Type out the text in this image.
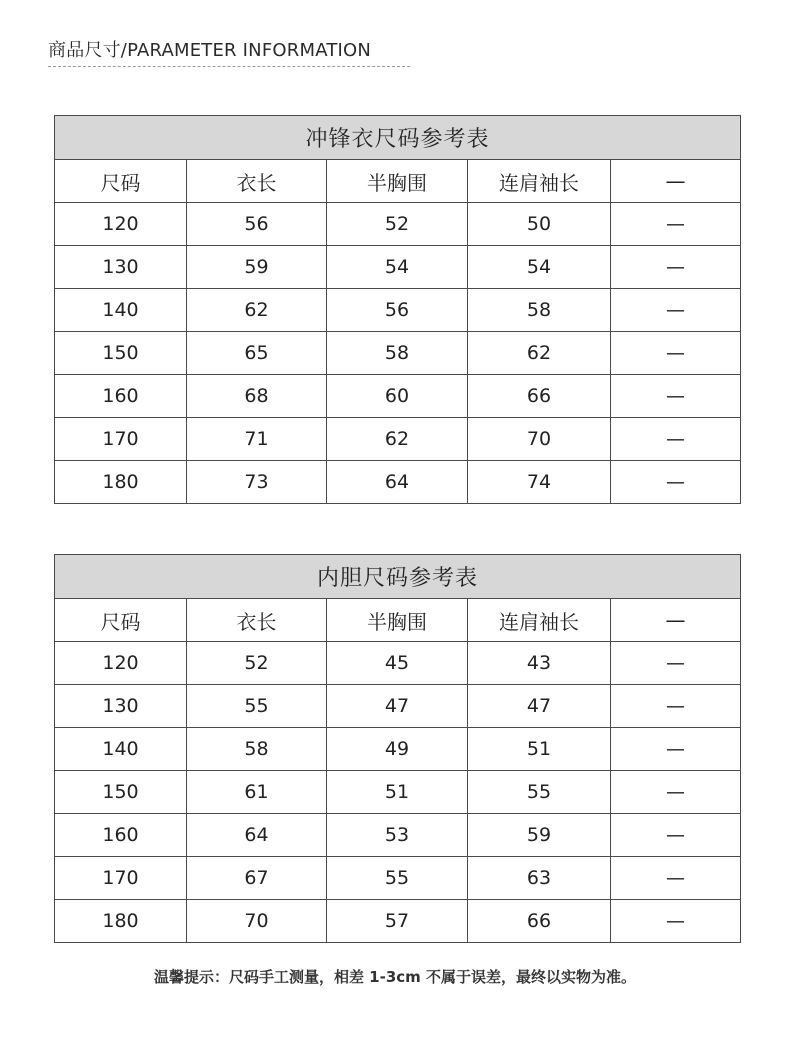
商品尺寸/PARAMETER INFORMATION
冲锋衣尺码参考表				
尺码	衣长	半胸围	连肩袖长	—
120	56	52	50	—
130	59	54	54	—
140	62	56	58	—
150	65	58	62	—
160	68	60	66	—
170	71	62	70	—
180	73	64	74	—
内胆尺码参考表				
尺码	衣长	半胸围	连肩袖长	—
120	52	45	43	—
130	55	47	47	—
140	58	49	51	—
150	61	51	55	—
160	64	53	59	—
170	67	55	63	—
180	70	57	66	—
温馨提示：尺码手工测量，相差 1-3cm 不属于误差，最终以实物为准。
